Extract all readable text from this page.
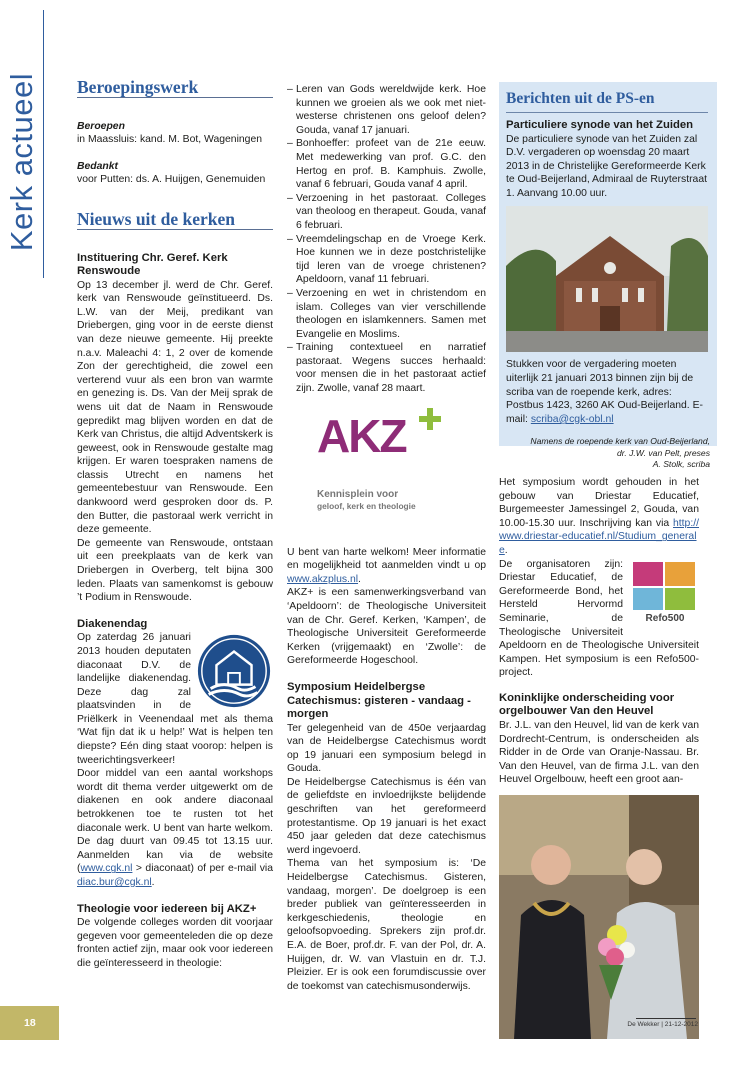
Kerk actueel Beroepingswerk

Beroepen

in Maassluis: kand. M. Bot, Wageningen

Bedankt

voor Putten: ds. A. Huijgen, Genemuiden

Nieuws uit de kerken

Instituering Chr. Geref. Kerk Renswoude

Op 13 december jl. werd de Chr. Geref. kerk van Renswoude geïnstitueerd. Ds. L.W. van der Meij, predikant van Driebergen, ging voor in de eerste dienst van deze nieuwe gemeente. Hij preekte n.a.v. Maleachi 4: 1, 2 over de komende Zon der gerechtigheid, die zowel een verterend vuur als een bron van warmte en genezing is. Ds. Van der Meij sprak de wens uit dat de Naam in Renswoude gepredikt mag blijven worden en dat de Kerk van Christus, die altijd Adventskerk is geweest, ook in Renswoude gestalte mag krijgen. Er waren toespraken namens de classis Utrecht en namens het gemeentebestuur van Renswoude. Een dankwoord werd gesproken door ds. P. den Butter, die pastoraal werk verricht in deze gemeente.

De gemeente van Renswoude, ontstaan uit een preekplaats van de kerk van Driebergen in Overberg, telt bijna 300 leden. Plaats van samenkomst is gebouw ’t Podium in Renswoude.

Diakenendag

Op zaterdag 26 januari 2013 houden deputaten diaconaat D.V. de landelijke diakenendag. Deze dag zal plaatsvinden in de Priëlkerk in Veenendaal met als thema ‘Wat fijn dat ik u help!’ Wat is helpen ten diepste? Eén ding staat voorop: helpen is tweerichtingsverkeer!

Door middel van een aantal workshops wordt dit thema verder uitgewerkt om de diakenen en ook andere diaconaal betrokkenen toe te rusten tot het diaconale werk. U bent van harte welkom. De dag duurt van 09.45 tot 13.15 uur. Aanmelden kan via de website (www.cgk.nl > diaconaat) of per e-mail via diac.bur@cgk.nl.

Theologie voor iedereen bij AKZ+

De volgende colleges worden dit voorjaar gegeven voor gemeenteleden die op deze fronten actief zijn, maar ook voor iedereen die geïnteresseerd in theologie:

– Leren van Gods wereldwijde kerk. Hoe kunnen we groeien als we ook met niet-westerse christenen ons geloof delen? Gouda, vanaf 17 januari.
– Bonhoeffer: profeet van de 21e eeuw. Met medewerking van prof. G.C. den Hertog en prof. B. Kamphuis. Zwolle, vanaf 6 februari, Gouda vanaf 4 april.
– Verzoening in het pastoraat. Colleges van theoloog en therapeut. Gouda, vanaf 6 februari.
– Vreemdelingschap en de Vroege Kerk. Hoe kunnen we in deze postchristelijke tijd leren van de vroege christenen? Apeldoorn, vanaf 11 februari.
– Verzoening en wet in christendom en islam. Colleges van vier verschillende theologen en islamkenners. Samen met Evangelie en Moslims.
– Training contextueel en narratief pastoraat. Wegens succes herhaald: voor mensen die in het pastoraat actief zijn. Zwolle, vanaf 28 maart.
AKZ
Kennisplein voor
geloof, kerk en theologie

U bent van harte welkom! Meer informatie en mogelijkheid tot aanmelden vindt u op www.akzplus.nl.

AKZ+ is een samenwerkingsverband van ‘Apeldoorn’: de Theologische Universiteit van de Chr. Geref. Kerken, ‘Kampen’, de Theologische Universiteit Gereformeerde Kerken (vrijgemaakt) en ‘Zwolle’: de Gereformeerde Hogeschool.

Symposium Heidelbergse Catechismus: gisteren - vandaag - morgen

Ter gelegenheid van de 450e verjaardag van de Heidelbergse Catechismus wordt op 19 januari een symposium belegd in Gouda.

De Heidelbergse Catechismus is één van de geliefdste en invloedrijkste belijdende geschriften van het gereformeerd protestantisme. Op 19 januari is het exact 450 jaar geleden dat deze catechismus werd ingevoerd.

Thema van het symposium is: ‘De Heidelbergse Catechismus. Gisteren, vandaag, morgen’. De doelgroep is een breder publiek van geïnteresseerden in kerkgeschiedenis, theologie en geloofsopvoeding. Sprekers zijn prof.dr. E.A. de Boer, prof.dr. F. van der Pol, dr. A. Huijgen, dr. W. van Vlastuin en dr. T.J. Pleizier. Er is ook een forumdiscussie over de toekomst van catechismusonderwijs.

Berichten uit de PS-en

Particuliere synode van het Zuiden

De particuliere synode van het Zuiden zal D.V. vergaderen op woensdag 20 maart 2013 in de Christelijke Gereformeerde Kerk te Oud-Beijerland, Admiraal de Ruyterstraat 1. Aanvang 10.00 uur.

Stukken voor de vergadering moeten uiterlijk 21 januari 2013 binnen zijn bij de scriba van de roepende kerk, adres: Postbus 1423, 3260 AK Oud-Beijerland. E-mail: scriba@cgk-obl.nl

Namens de roepende kerk van Oud-Beijerland,
dr. J.W. van Pelt, preses
A. Stolk, scriba

Het symposium wordt gehouden in het gebouw van Driestar Educatief, Burgemeester Jamessingel 2, Gouda, van 10.00-15.30 uur. Inschrijving kan via http://www.driestar-educatief.nl/Studium_generale.

Refo500

De organisatoren zijn: Driestar Educatief, de Gereformeerde Bond, het Hersteld Hervormd Seminarie, de Theologische Universiteit Apeldoorn en de Theologische Universiteit Kampen. Het symposium is een Refo500-project.

Koninklijke onderscheiding voor orgelbouwer Van den Heuvel

Br. J.L. van den Heuvel, lid van de kerk van Dordrecht-Centrum, is onderscheiden als Ridder in de Orde van Oranje-Nassau. Br. Van den Heuvel, van de firma J.L. van den Heuvel Orgelbouw, heeft een groot aan-

18	De Wekker | 21-12-2012
